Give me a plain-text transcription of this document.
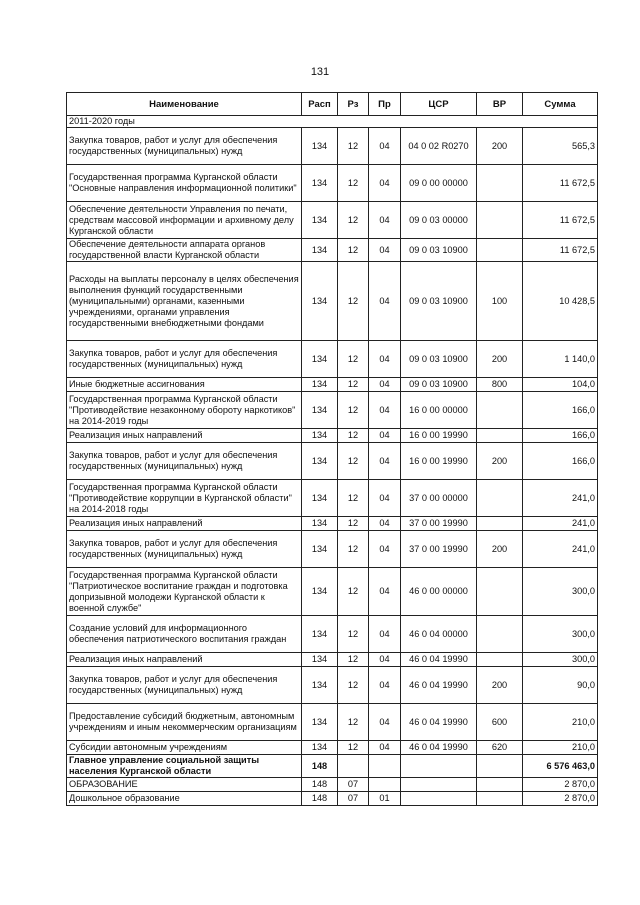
131
Наименование	Расп	Рз	Пр	ЦСР	ВР	Сумма
2011-2020 годы						
Закупка товаров, работ и услуг для обеспечения государственных (муниципальных) нужд	134	12	04	04 0 02 R0270	200	565,3
Государственная программа Курганской области "Основные направления информационной политики"	134	12	04	09 0 00 00000		11 672,5
Обеспечение деятельности Управления по печати, средствам массовой информации и архивному делу Курганской области	134	12	04	09 0 03 00000		11 672,5
Обеспечение деятельности аппарата органов государственной власти Курганской области	134	12	04	09 0 03 10900		11 672,5
Расходы на выплаты персоналу в целях обеспечения выполнения функций государственными (муниципальными) органами, казенными учреждениями, органами управления государственными внебюджетными фондами	134	12	04	09 0 03 10900	100	10 428,5
Закупка товаров, работ и услуг для обеспечения государственных (муниципальных) нужд	134	12	04	09 0 03 10900	200	1 140,0
Иные бюджетные ассигнования	134	12	04	09 0 03 10900	800	104,0
Государственная программа Курганской области "Противодействие незаконному обороту наркотиков" на 2014-2019 годы	134	12	04	16 0 00 00000		166,0
Реализация иных направлений	134	12	04	16 0 00 19990		166,0
Закупка товаров, работ и услуг для обеспечения государственных (муниципальных) нужд	134	12	04	16 0 00 19990	200	166,0
Государственная программа Курганской области "Противодействие коррупции в Курганской области" на 2014-2018 годы	134	12	04	37 0 00 00000		241,0
Реализация иных направлений	134	12	04	37 0 00 19990		241,0
Закупка товаров, работ и услуг для обеспечения государственных (муниципальных) нужд	134	12	04	37 0 00 19990	200	241,0
Государственная программа Курганской области "Патриотическое воспитание граждан и подготовка допризывной молодежи Курганской области к военной службе"	134	12	04	46 0 00 00000		300,0
Создание условий для информационного обеспечения патриотического воспитания граждан	134	12	04	46 0 04 00000		300,0
Реализация иных направлений	134	12	04	46 0 04 19990		300,0
Закупка товаров, работ и услуг для обеспечения государственных (муниципальных) нужд	134	12	04	46 0 04 19990	200	90,0
Предоставление субсидий бюджетным, автономным учреждениям и иным некоммерческим организациям	134	12	04	46 0 04 19990	600	210,0
Субсидии автономным учреждениям	134	12	04	46 0 04 19990	620	210,0
Главное управление социальной защиты населения Курганской области	148					6 576 463,0
ОБРАЗОВАНИЕ	148	07				2 870,0
Дошкольное образование	148	07	01			2 870,0
